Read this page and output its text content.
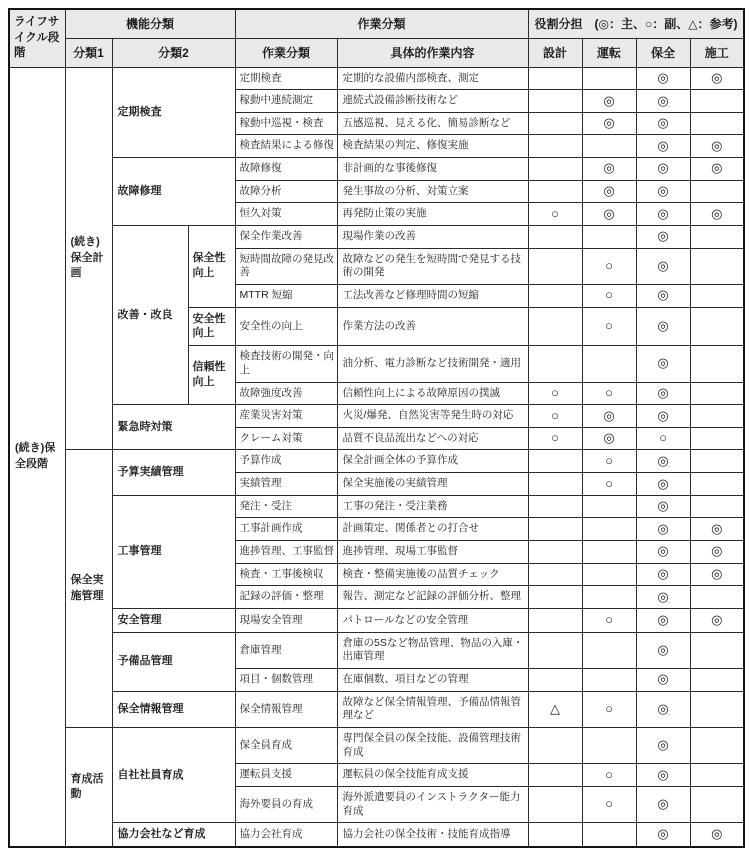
ライフサイクル段階	機能分類			作業分類		役割分担　(◎：主、○：副、△：参考)			
	分類1	分類2		作業分類	具体的作業内容	設計	運転	保全	施工
(続き)保全段階	(続き)保全計画	定期検査		定期検査	定期的な設備内部検査、測定			◎	◎
				稼動中連続測定	連続式設備診断技術など		◎	◎	
				稼動中巡視・検査	五感巡視、見える化、簡易診断など		◎	◎	
				検査結果による修復	検査結果の判定、修復実施			◎	◎
		故障修理		故障修復	非計画的な事後修復		◎	◎	◎
				故障分析	発生事故の分析、対策立案		◎	◎	
				恒久対策	再発防止策の実施	○	◎	◎	◎
		改善・改良	保全性向上	保全作業改善	現場作業の改善			◎	
				短時間故障の発見改善	故障などの発生を短時間で発見する技術の開発		○	◎	
				MTTR 短縮	工法改善など修理時間の短縮		○	◎	
			安全性向上	安全性の向上	作業方法の改善		○	◎	
			信頼性向上	検査技術の開発・向上	油分析、電力診断など技術開発・適用			◎	
				故障強度改善	信頼性向上による故障原因の撲滅	○	○	◎	
		緊急時対策		産業災害対策	火災/爆発、自然災害等発生時の対応	○	◎	◎	
				クレーム対策	品質不良品流出などへの対応	○	◎	○	
	保全実施管理	予算実績管理		予算作成	保全計画全体の予算作成		○	◎	
				実績管理	保全実施後の実績管理		○	◎	
		工事管理		発注・受注	工事の発注・受注業務			◎	
				工事計画作成	計画策定、関係者との打合せ			◎	◎
				進捗管理、工事監督	進捗管理、現場工事監督			◎	◎
				検査・工事後検収	検査・整備実施後の品質チェック			◎	◎
				記録の評価・整理	報告、測定など記録の評価分析、整理			◎	
		安全管理		現場安全管理	パトロールなどの安全管理		○	◎	◎
		予備品管理		倉庫管理	倉庫の5Sなど物品管理、物品の入庫・出庫管理			◎	
				項目・個数管理	在庫個数、項目などの管理			◎	
		保全情報管理		保全情報管理	故障など保全情報管理、予備品情報管理など	△	○	◎	
	育成活動	自社社員育成		保全員育成	専門保全員の保全技能、設備管理技術育成			◎	
				運転員支援	運転員の保全技能育成支援		○	◎	
				海外要員の育成	海外派遣要員のインストラクター能力育成		○	◎	
		協力会社など育成		協力会社育成	協力会社の保全技術・技能育成指導			◎	◎
